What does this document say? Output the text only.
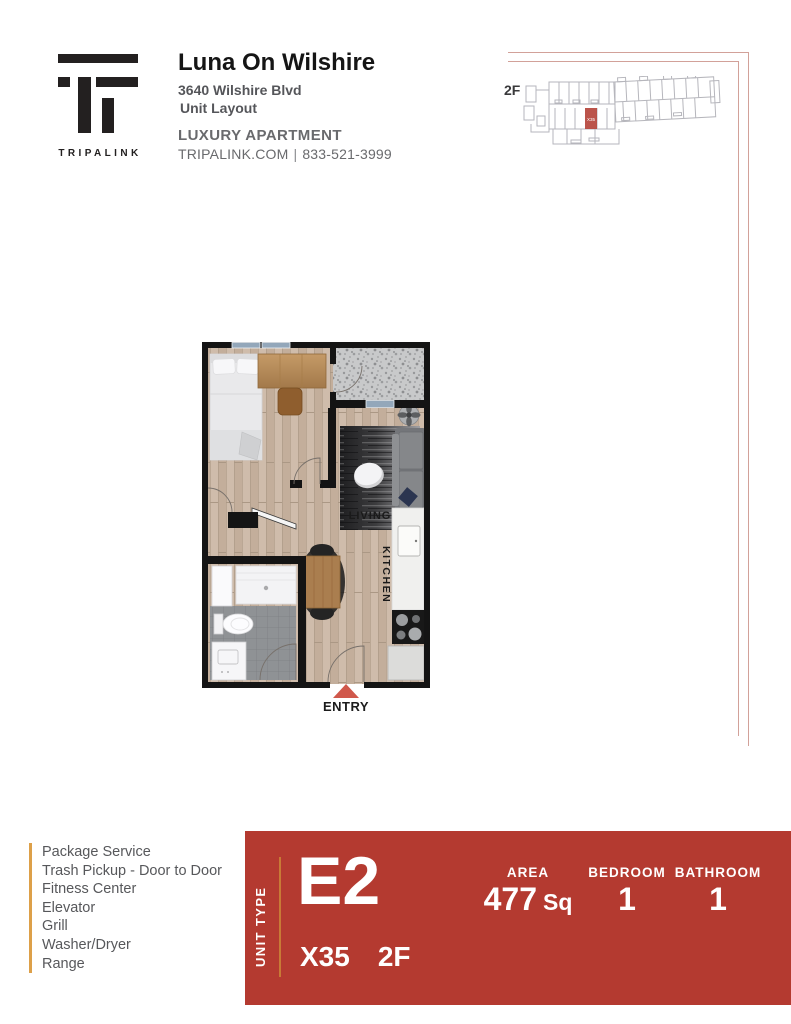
TRIPALINK
Luna On Wilshire
3640 Wilshire Blvd
Unit Layout
LUXURY APARTMENT
TRIPALINK.COM | 833-521-3999
2F
X35
LIVING
KITCHEN
ENTRY
Package Service
Trash Pickup - Door to Door
Fitness Center
Elevator
Grill
Washer/Dryer
Range	UNIT TYPE
E2
X35 2F
AREA
477 Sq
BEDROOM
1
BATHROOM
1
